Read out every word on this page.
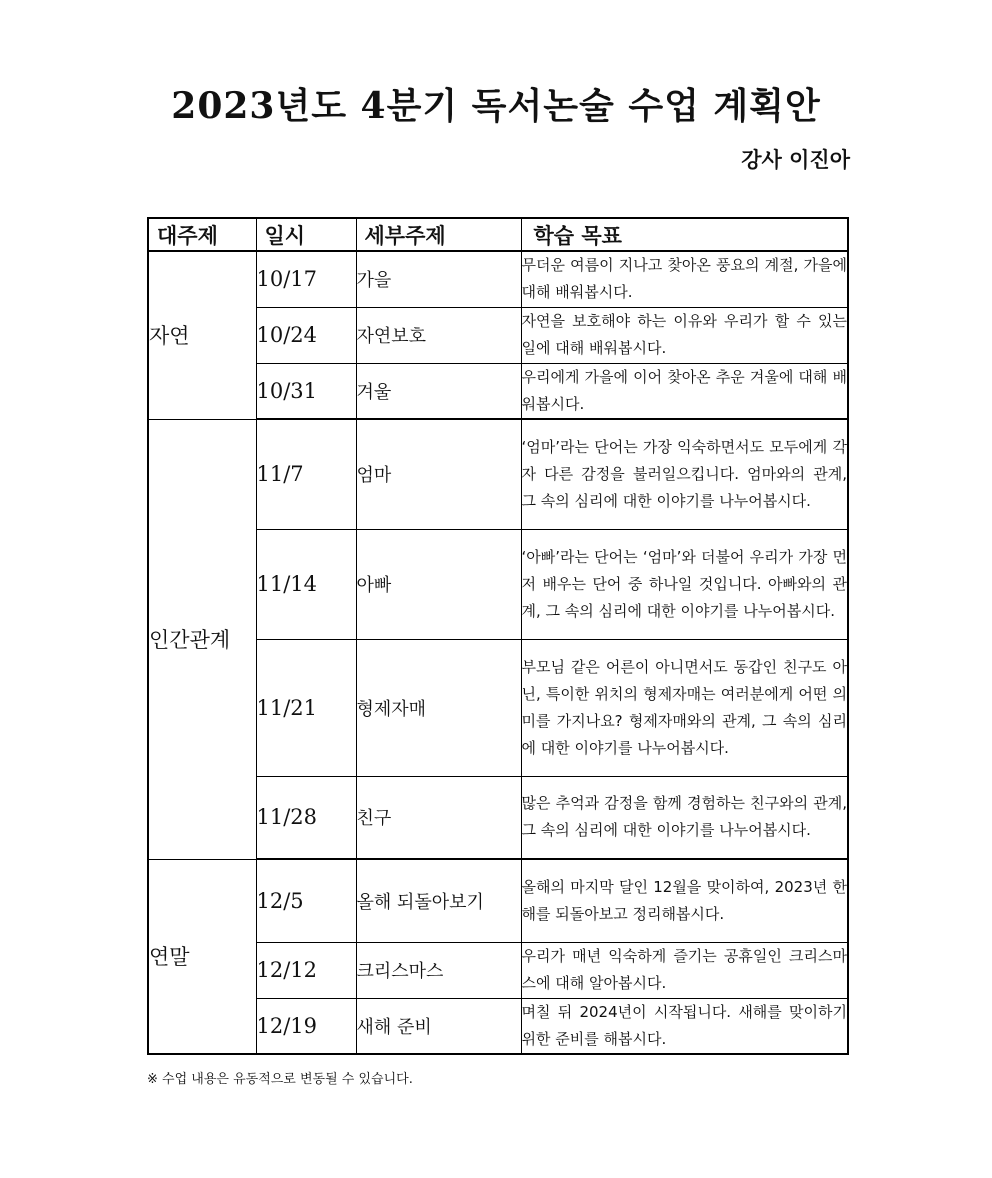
2023년도 4분기 독서논술 수업 계획안
강사 이진아
대주제	일시	세부주제	학습 목표
자연	10/17	가을	무더운 여름이 지나고 찾아온 풍요의 계절, 가을에 대해 배워봅시다.
	10/24	자연보호	자연을 보호해야 하는 이유와 우리가 할 수 있는 일에 대해 배워봅시다.
	10/31	겨울	우리에게 가을에 이어 찾아온 추운 겨울에 대해 배워봅시다.
인간관계	11/7	엄마	‘엄마’라는 단어는 가장 익숙하면서도 모두에게 각자 다른 감정을 불러일으킵니다. 엄마와의 관계, 그 속의 심리에 대한 이야기를 나누어봅시다.
	11/14	아빠	‘아빠’라는 단어는 ‘엄마’와 더불어 우리가 가장 먼저 배우는 단어 중 하나일 것입니다. 아빠와의 관계, 그 속의 심리에 대한 이야기를 나누어봅시다.
	11/21	형제자매	부모님 같은 어른이 아니면서도 동갑인 친구도 아닌, 특이한 위치의 형제자매는 여러분에게 어떤 의미를 가지나요? 형제자매와의 관계, 그 속의 심리에 대한 이야기를 나누어봅시다.
	11/28	친구	많은 추억과 감정을 함께 경험하는 친구와의 관계, 그 속의 심리에 대한 이야기를 나누어봅시다.
연말	12/5	올해 되돌아보기	올해의 마지막 달인 12월을 맞이하여, 2023년 한 해를 되돌아보고 정리해봅시다.
	12/12	크리스마스	우리가 매년 익숙하게 즐기는 공휴일인 크리스마스에 대해 알아봅시다.
	12/19	새해 준비	며칠 뒤 2024년이 시작됩니다. 새해를 맞이하기 위한 준비를 해봅시다.
※ 수업 내용은 유동적으로 변동될 수 있습니다.
